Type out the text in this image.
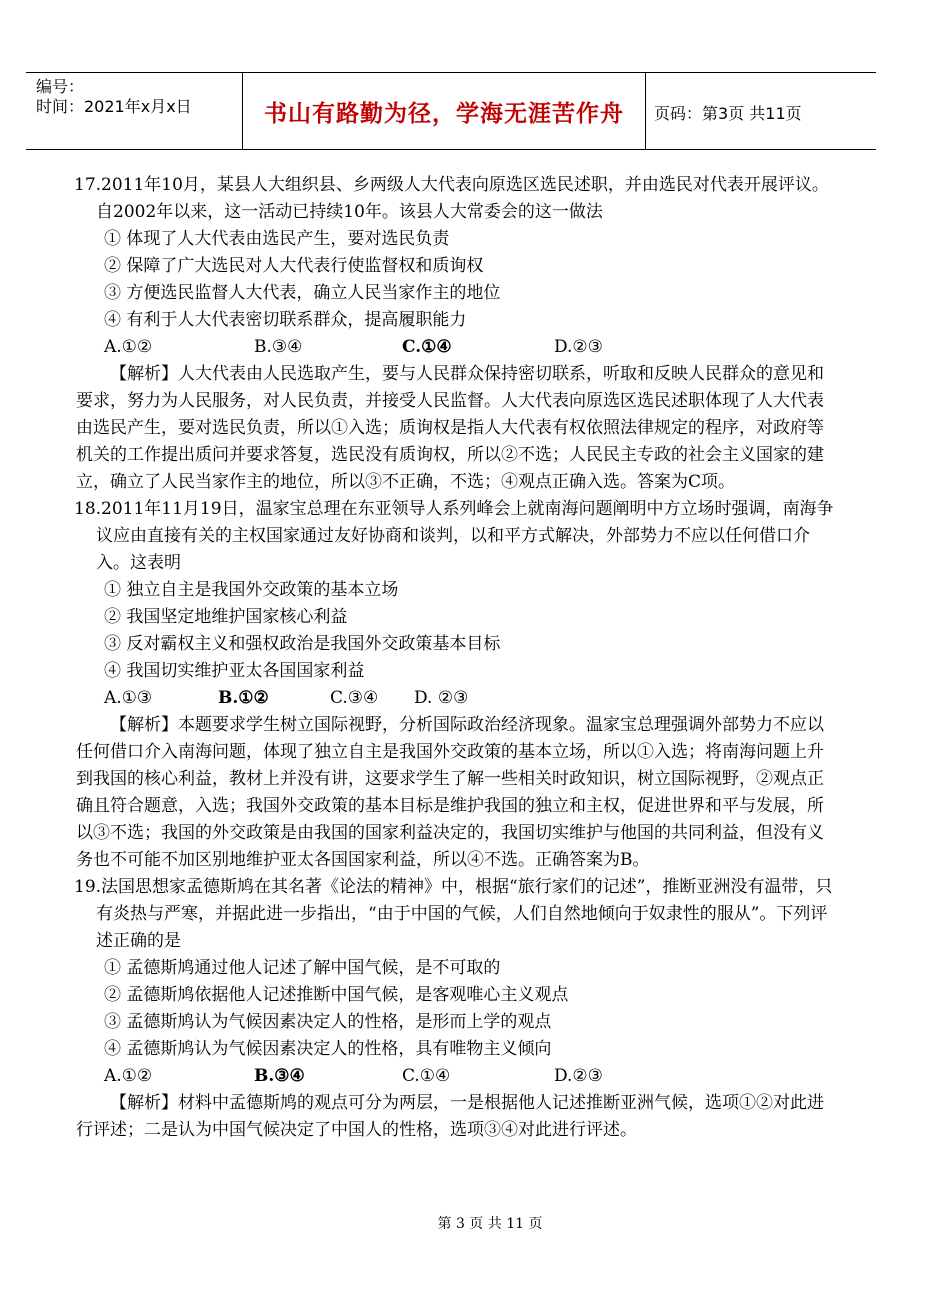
编号：
时间：2021年x月x日	书山有路勤为径，学海无涯苦作舟	页码：第3页 共11页
17.2011年10月，某县人大组织县、乡两级人大代表向原选区选民述职，并由选民对代表开展评议。自2002年以来，这一活动已持续10年。该县人大常委会的这一做法
① 体现了人大代表由选民产生，要对选民负责
② 保障了广大选民对人大代表行使监督权和质询权
③ 方便选民监督人大代表，确立人民当家作主的地位
④ 有利于人大代表密切联系群众，提高履职能力
A.①②	B.③④	C.①④	D.②③

【解析】人大代表由人民选取产生，要与人民群众保持密切联系，听取和反映人民群众的意见和要求，努力为人民服务，对人民负责，并接受人民监督。人大代表向原选区选民述职体现了人大代表由选民产生，要对选民负责，所以①入选；质询权是指人大代表有权依照法律规定的程序，对政府等机关的工作提出质问并要求答复，选民没有质询权，所以②不选；人民民主专政的社会主义国家的建立，确立了人民当家作主的地位，所以③不正确，不选；④观点正确入选。答案为C项。

18.2011年11月19日，温家宝总理在东亚领导人系列峰会上就南海问题阐明中方立场时强调，南海争议应由直接有关的主权国家通过友好协商和谈判，以和平方式解决，外部势力不应以任何借口介入。这表明
① 独立自主是我国外交政策的基本立场
② 我国坚定地维护国家核心利益
③ 反对霸权主义和强权政治是我国外交政策基本目标
④ 我国切实维护亚太各国国家利益
A.①③	B.①②	C.③④	D. ②③

【解析】本题要求学生树立国际视野，分析国际政治经济现象。温家宝总理强调外部势力不应以任何借口介入南海问题，体现了独立自主是我国外交政策的基本立场，所以①入选；将南海问题上升到我国的核心利益，教材上并没有讲，这要求学生了解一些相关时政知识，树立国际视野，②观点正确且符合题意，入选；我国外交政策的基本目标是维护我国的独立和主权，促进世界和平与发展，所以③不选；我国的外交政策是由我国的国家利益决定的，我国切实维护与他国的共同利益，但没有义务也不可能不加区别地维护亚太各国国家利益，所以④不选。正确答案为B。

19.法国思想家孟德斯鸠在其名著《论法的精神》中，根据“旅行家们的记述”，推断亚洲没有温带，只有炎热与严寒，并据此进一步指出，“由于中国的气候，人们自然地倾向于奴隶性的服从”。下列评述正确的是
① 孟德斯鸠通过他人记述了解中国气候，是不可取的
② 孟德斯鸠依据他人记述推断中国气候，是客观唯心主义观点
③ 孟德斯鸠认为气候因素决定人的性格，是形而上学的观点
④ 孟德斯鸠认为气候因素决定人的性格，具有唯物主义倾向
A.①②	B.③④	C.①④	D.②③

【解析】材料中孟德斯鸠的观点可分为两层，一是根据他人记述推断亚洲气候，选项①②对此进行评述；二是认为中国气候决定了中国人的性格，选项③④对此进行评述。

第 3 页 共 11 页
